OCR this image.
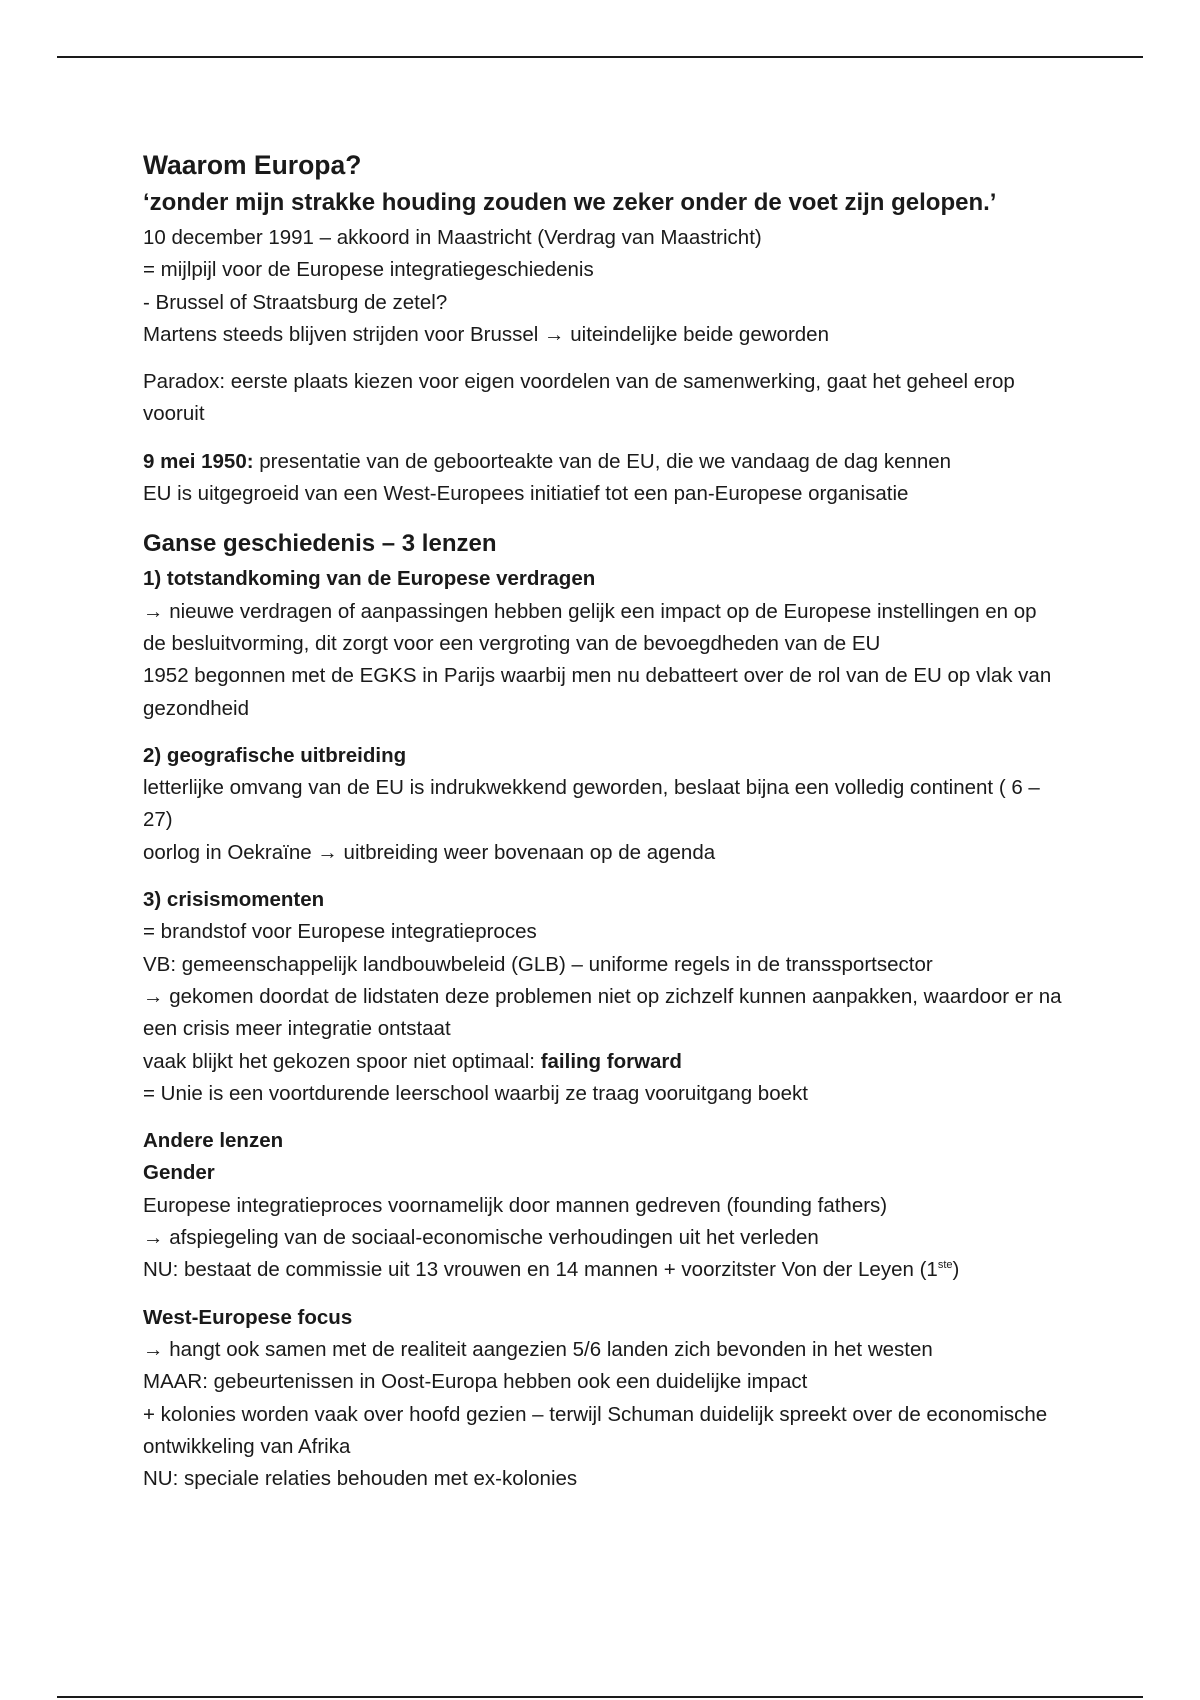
Waarom Europa?
‘zonder mijn strakke houding zouden we zeker onder de voet zijn gelopen.’

10 december 1991 – akkoord in Maastricht (Verdrag van Maastricht)

= mijlpijl voor de Europese integratiegeschiedenis

- Brussel of Straatsburg de zetel?

Martens steeds blijven strijden voor Brussel → uiteindelijke beide geworden

Paradox: eerste plaats kiezen voor eigen voordelen van de samenwerking, gaat het geheel erop vooruit

9 mei 1950: presentatie van de geboorteakte van de EU, die we vandaag de dag kennen

EU is uitgegroeid van een West-Europees initiatief tot een pan-Europese organisatie

Ganse geschiedenis – 3 lenzen
1) totstandkoming van de Europese verdragen

→ nieuwe verdragen of aanpassingen hebben gelijk een impact op de Europese instellingen en op de besluitvorming, dit zorgt voor een vergroting van de bevoegdheden van de EU

1952 begonnen met de EGKS in Parijs waarbij men nu debatteert over de rol van de EU op vlak van gezondheid

2) geografische uitbreiding

letterlijke omvang van de EU is indrukwekkend geworden, beslaat bijna een volledig continent ( 6 – 27)

oorlog in Oekraïne → uitbreiding weer bovenaan op de agenda

3) crisismomenten

= brandstof voor Europese integratieproces

VB: gemeenschappelijk landbouwbeleid (GLB) – uniforme regels in de transsportsector

→ gekomen doordat de lidstaten deze problemen niet op zichzelf kunnen aanpakken, waardoor er na een crisis meer integratie ontstaat

vaak blijkt het gekozen spoor niet optimaal: failing forward

= Unie is een voortdurende leerschool waarbij ze traag vooruitgang boekt

Andere lenzen
Gender

Europese integratieproces voornamelijk door mannen gedreven (founding fathers)

→ afspiegeling van de sociaal-economische verhoudingen uit het verleden

NU: bestaat de commissie uit 13 vrouwen en 14 mannen + voorzitster Von der Leyen (1ste)

West-Europese focus

→ hangt ook samen met de realiteit aangezien 5/6 landen zich bevonden in het westen

MAAR: gebeurtenissen in Oost-Europa hebben ook een duidelijke impact

+ kolonies worden vaak over hoofd gezien – terwijl Schuman duidelijk spreekt over de economische ontwikkeling van Afrika

NU: speciale relaties behouden met ex-kolonies
